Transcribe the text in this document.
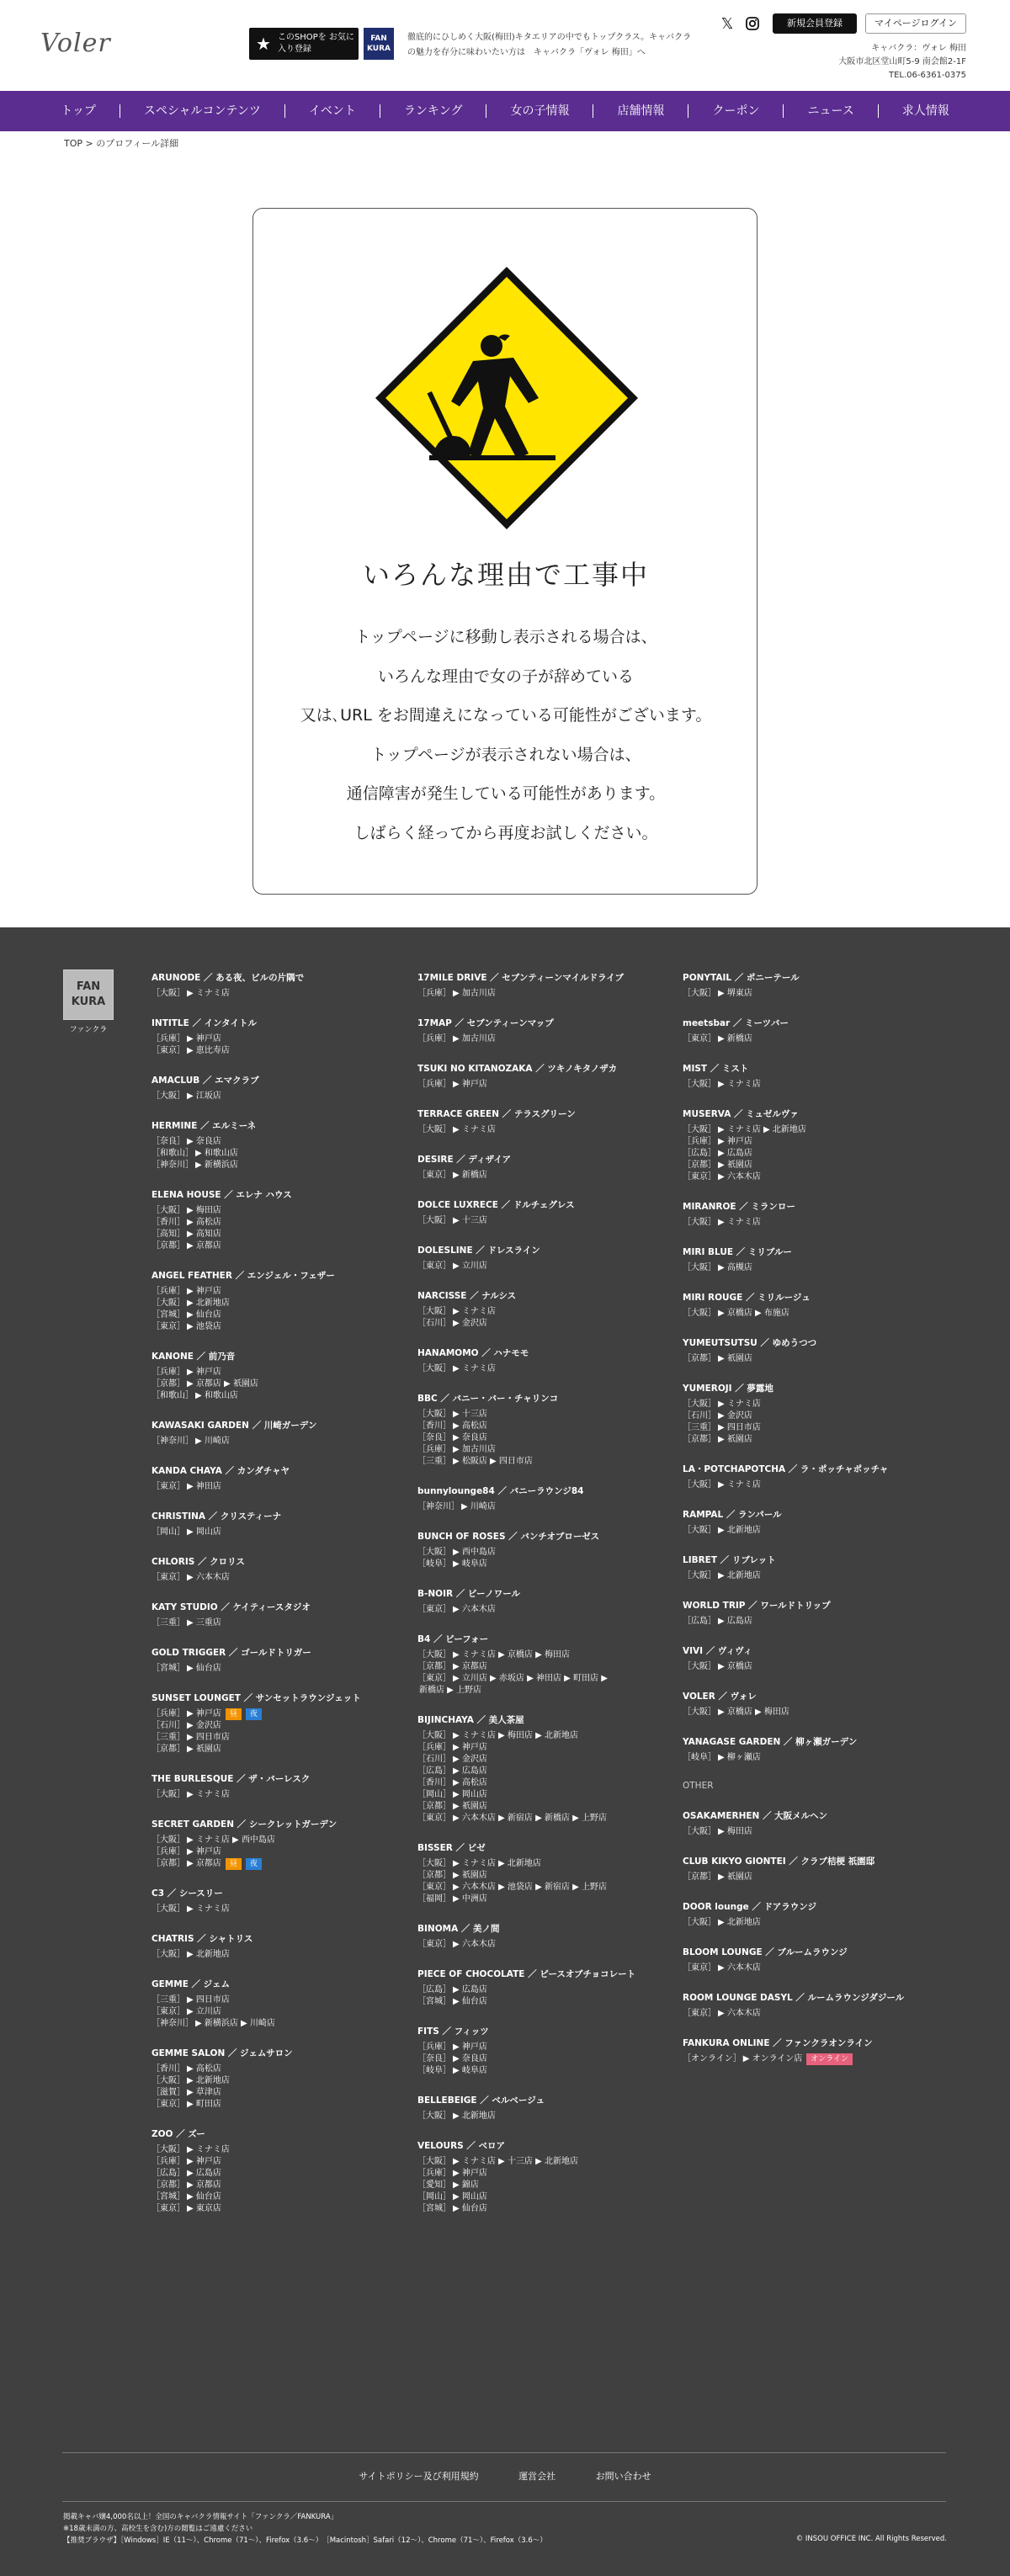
Voler	★ このSHOPを お気に入り登録
FAN KURA
徹底的にひしめく大阪(梅田)キタエリアの中でもトップクラス。キャバクラの魅力を存分に味わいたい方は　キャバクラ「ヴォレ 梅田」へ
𝕏	新規会員登録	マイページログイン
キャバクラ：ヴォレ 梅田
大阪市北区堂山町5-9 南会館2-1F
TEL.06-6361-0375
トップ	スペシャルコンテンツ	イベント	ランキング	女の子情報	店舗情報	クーポン	ニュース	求人情報
TOP > のプロフィール詳細
いろんな理由で工事中
トップページに移動し表示される場合は、
いろんな理由で女の子が辞めている
又は､URL をお間違えになっている可能性がございます。
トップページが表示されない場合は、
通信障害が発生している可能性があります。
しばらく経ってから再度お試しください。
FAN KURA
ファンクラ
ARUNODE ／ ある夜、ビルの片隅で
［大阪］ ▶ ミナミ店
INTITLE ／ インタイトル
［兵庫］ ▶ 神戸店
［東京］ ▶ 恵比寿店
AMACLUB ／ エマクラブ
［大阪］ ▶ 江坂店
HERMINE ／ エルミーネ
［奈良］ ▶ 奈良店
［和歌山］ ▶ 和歌山店
［神奈川］ ▶ 新横浜店
ELENA HOUSE ／ エレナ ハウス
［大阪］ ▶ 梅田店
［香川］ ▶ 高松店
［高知］ ▶ 高知店
［京都］ ▶ 京都店
ANGEL FEATHER ／ エンジェル・フェザー
［兵庫］ ▶ 神戸店
［大阪］ ▶ 北新地店
［宮城］ ▶ 仙台店
［東京］ ▶ 池袋店
KANONE ／ 前乃音
［兵庫］ ▶ 神戸店
［京都］ ▶ 京都店 ▶ 祇園店
［和歌山］ ▶ 和歌山店
KAWASAKI GARDEN ／ 川崎ガーデン
［神奈川］ ▶ 川崎店
KANDA CHAYA ／ カンダチャヤ
［東京］ ▶ 神田店
CHRISTINA ／ クリスティーナ
［岡山］ ▶ 岡山店
CHLORIS ／ クロリス
［東京］ ▶ 六本木店
KATY STUDIO ／ ケイティースタジオ
［三重］ ▶ 三重店
GOLD TRIGGER ／ ゴールドトリガー
［宮城］ ▶ 仙台店
SUNSET LOUNGET ／ サンセットラウンジェット
［兵庫］ ▶ 神戸店	昼	夜
［石川］ ▶ 金沢店
［三重］ ▶ 四日市店
［京都］ ▶ 祇園店
THE BURLESQUE ／ ザ・バーレスク
［大阪］ ▶ ミナミ店
SECRET GARDEN ／ シークレットガーデン
［大阪］ ▶ ミナミ店 ▶ 西中島店
［兵庫］ ▶ 神戸店
［京都］ ▶ 京都店	昼	夜
C3 ／ シースリー
［大阪］ ▶ ミナミ店
CHATRIS ／ シャトリス
［大阪］ ▶ 北新地店
GEMME ／ ジェム
［三重］ ▶ 四日市店
［東京］ ▶ 立川店
［神奈川］ ▶ 新横浜店 ▶ 川崎店
GEMME SALON ／ ジェムサロン
［香川］ ▶ 高松店
［大阪］ ▶ 北新地店
［滋賀］ ▶ 草津店
［東京］ ▶ 町田店
ZOO ／ ズー
［大阪］ ▶ ミナミ店
［兵庫］ ▶ 神戸店
［広島］ ▶ 広島店
［京都］ ▶ 京都店
［宮城］ ▶ 仙台店
［東京］ ▶ 東京店
17MILE DRIVE ／ セブンティーンマイルドライブ
［兵庫］ ▶ 加古川店
17MAP ／ セブンティーンマップ
［兵庫］ ▶ 加古川店
TSUKI NO KITANOZAKA ／ ツキノキタノザカ
［兵庫］ ▶ 神戸店
TERRACE GREEN ／ テラスグリーン
［大阪］ ▶ ミナミ店
DESIRE ／ ディザイア
［東京］ ▶ 新橋店
DOLCE LUXRECE ／ ドルチェグレス
［大阪］ ▶ 十三店
DOLESLINE ／ ドレスライン
［東京］ ▶ 立川店
NARCISSE ／ ナルシス
［大阪］ ▶ ミナミ店
［石川］ ▶ 金沢店
HANAMOMO ／ ハナモモ
［大阪］ ▶ ミナミ店
BBC ／ バニー・バー・チャリンコ
［大阪］ ▶ 十三店
［香川］ ▶ 高松店
［奈良］ ▶ 奈良店
［兵庫］ ▶ 加古川店
［三重］ ▶ 松阪店 ▶ 四日市店
bunnylounge84 ／ バニーラウンジ84
［神奈川］ ▶ 川崎店
BUNCH OF ROSES ／ バンチオブローゼス
［大阪］ ▶ 西中島店
［岐阜］ ▶ 岐阜店
B-NOIR ／ ビーノワール
［東京］ ▶ 六本木店
B4 ／ ビーフォー
［大阪］ ▶ ミナミ店 ▶ 京橋店 ▶ 梅田店
［京都］ ▶ 京都店
［東京］ ▶ 立川店 ▶ 赤坂店 ▶ 神田店 ▶ 町田店 ▶
新橋店 ▶ 上野店
BIJINCHAYA ／ 美人茶屋
［大阪］ ▶ ミナミ店 ▶ 梅田店 ▶ 北新地店
［兵庫］ ▶ 神戸店
［石川］ ▶ 金沢店
［広島］ ▶ 広島店
［香川］ ▶ 高松店
［岡山］ ▶ 岡山店
［京都］ ▶ 祇園店
［東京］ ▶ 六本木店 ▶ 新宿店 ▶ 新橋店 ▶ 上野店
BISSER ／ ビゼ
［大阪］ ▶ ミナミ店 ▶ 北新地店
［京都］ ▶ 祇園店
［東京］ ▶ 六本木店 ▶ 池袋店 ▶ 新宿店 ▶ 上野店
［福岡］ ▶ 中洲店
BINOMA ／ 美ノ間
［東京］ ▶ 六本木店
PIECE OF CHOCOLATE ／ ピースオブチョコレート
［広島］ ▶ 広島店
［宮城］ ▶ 仙台店
FITS ／ フィッツ
［兵庫］ ▶ 神戸店
［奈良］ ▶ 奈良店
［岐阜］ ▶ 岐阜店
BELLEBEIGE ／ ベルベージュ
［大阪］ ▶ 北新地店
VELOURS ／ ベロア
［大阪］ ▶ ミナミ店 ▶ 十三店 ▶ 北新地店
［兵庫］ ▶ 神戸店
［愛知］ ▶ 錦店
［岡山］ ▶ 岡山店
［宮城］ ▶ 仙台店
PONYTAIL ／ ポニーテール
［大阪］ ▶ 堺東店
meetsbar ／ ミーツバー
［東京］ ▶ 新橋店
MIST ／ ミスト
［大阪］ ▶ ミナミ店
MUSERVA ／ ミュゼルヴァ
［大阪］ ▶ ミナミ店 ▶ 北新地店
［兵庫］ ▶ 神戸店
［広島］ ▶ 広島店
［京都］ ▶ 祇園店
［東京］ ▶ 六本木店
MIRANROE ／ ミランロー
［大阪］ ▶ ミナミ店
MIRI BLUE ／ ミリブルー
［大阪］ ▶ 高槻店
MIRI ROUGE ／ ミリルージュ
［大阪］ ▶ 京橋店 ▶ 布施店
YUMEUTSUTSU ／ ゆめうつつ
［京都］ ▶ 祇園店
YUMEROJI ／ 夢露地
［大阪］ ▶ ミナミ店
［石川］ ▶ 金沢店
［三重］ ▶ 四日市店
［京都］ ▶ 祇園店
LA・POTCHAPOTCHA ／ ラ・ポッチャポッチャ
［大阪］ ▶ ミナミ店
RAMPAL ／ ランパール
［大阪］ ▶ 北新地店
LIBRET ／ リブレット
［大阪］ ▶ 北新地店
WORLD TRIP ／ ワールドトリップ
［広島］ ▶ 広島店
VIVI ／ ヴィヴィ
［大阪］ ▶ 京橋店
VOLER ／ ヴォレ
［大阪］ ▶ 京橋店 ▶ 梅田店
YANAGASE GARDEN ／ 柳ヶ瀬ガーデン
［岐阜］ ▶ 柳ヶ瀬店
OTHER
OSAKAMERHEN ／ 大阪メルヘン
［大阪］ ▶ 梅田店
CLUB KIKYO GIONTEI ／ クラブ桔梗 祇園邸
［京都］ ▶ 祇園店
DOOR lounge ／ ドアラウンジ
［大阪］ ▶ 北新地店
BLOOM LOUNGE ／ ブルームラウンジ
［東京］ ▶ 六本木店
ROOM LOUNGE DASYL ／ ルームラウンジダジール
［東京］ ▶ 六本木店
FANKURA ONLINE ／ ファンクラオンライン
［オンライン］ ▶ オンライン店	オンライン
サイトポリシー及び利用規約	運営会社	お問い合わせ
掲載キャバ嬢4,000名以上！全国のキャバクラ情報サイト「ファンクラ／FANKURA」
※18歳未満の方、高校生を含む)方の閲覧はご遠慮ください
【推奨ブラウザ】［Windows］IE（11〜）、Chrome（71〜）、Firefox（3.6〜）　［Macintosh］Safari（12〜）、Chrome（71〜）、Firefox（3.6〜）	© INSOU OFFICE INC. All Rights Reserved.
